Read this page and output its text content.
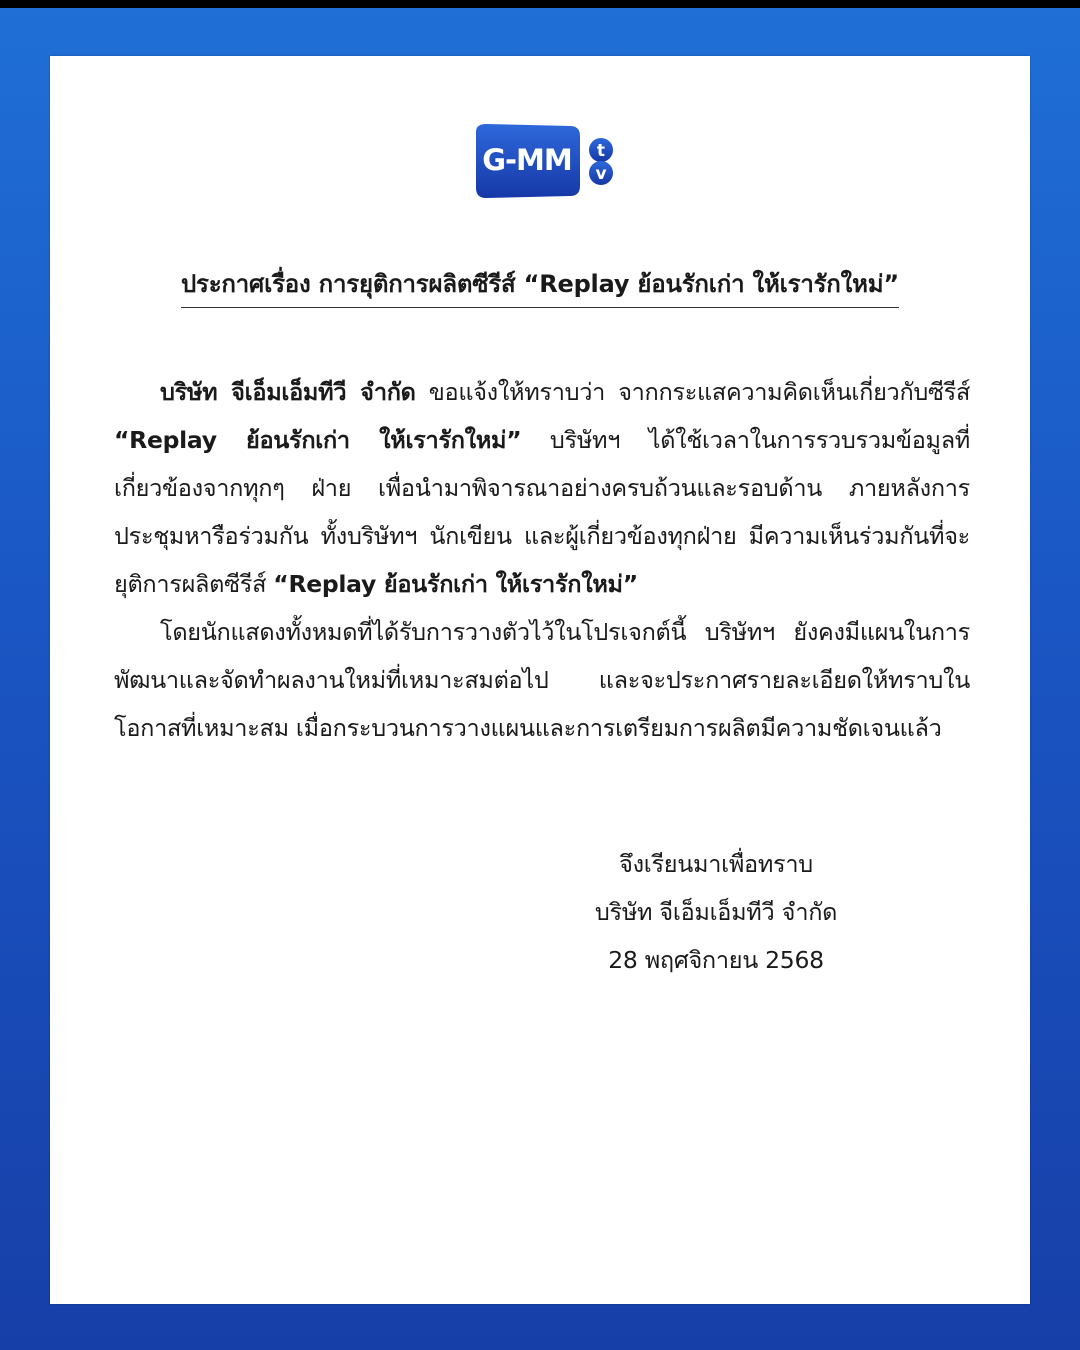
G-MM t
v
ประกาศเรื่อง การยุติการผลิตซีรีส์ “Replay ย้อนรักเก่า ให้เรารักใหม่”

บริษัท จีเอ็มเอ็มทีวี จำกัด ขอแจ้งให้ทราบว่า จากกระแสความคิดเห็นเกี่ยวกับซีรีส์ “Replay ย้อนรักเก่า ให้เรารักใหม่” บริษัทฯ ได้ใช้เวลาในการรวบรวมข้อมูลที่เกี่ยวข้องจากทุกๆ ฝ่าย เพื่อนำมาพิจารณาอย่างครบถ้วนและรอบด้าน ภายหลังการประชุมหารือร่วมกัน ทั้งบริษัทฯ นักเขียน และผู้เกี่ยวข้องทุกฝ่าย มีความเห็นร่วมกันที่จะยุติการผลิตซีรีส์ “Replay ย้อนรักเก่า ให้เรารักใหม่”

โดยนักแสดงทั้งหมดที่ได้รับการวางตัวไว้ในโปรเจกต์นี้ บริษัทฯ ยังคงมีแผนในการพัฒนาและจัดทำผลงานใหม่ที่เหมาะสมต่อไป และจะประกาศรายละเอียดให้ทราบในโอกาสที่เหมาะสม เมื่อกระบวนการวางแผนและการเตรียมการผลิตมีความชัดเจนแล้ว

จึงเรียนมาเพื่อทราบ
บริษัท จีเอ็มเอ็มทีวี จำกัด
28 พฤศจิกายน 2568
